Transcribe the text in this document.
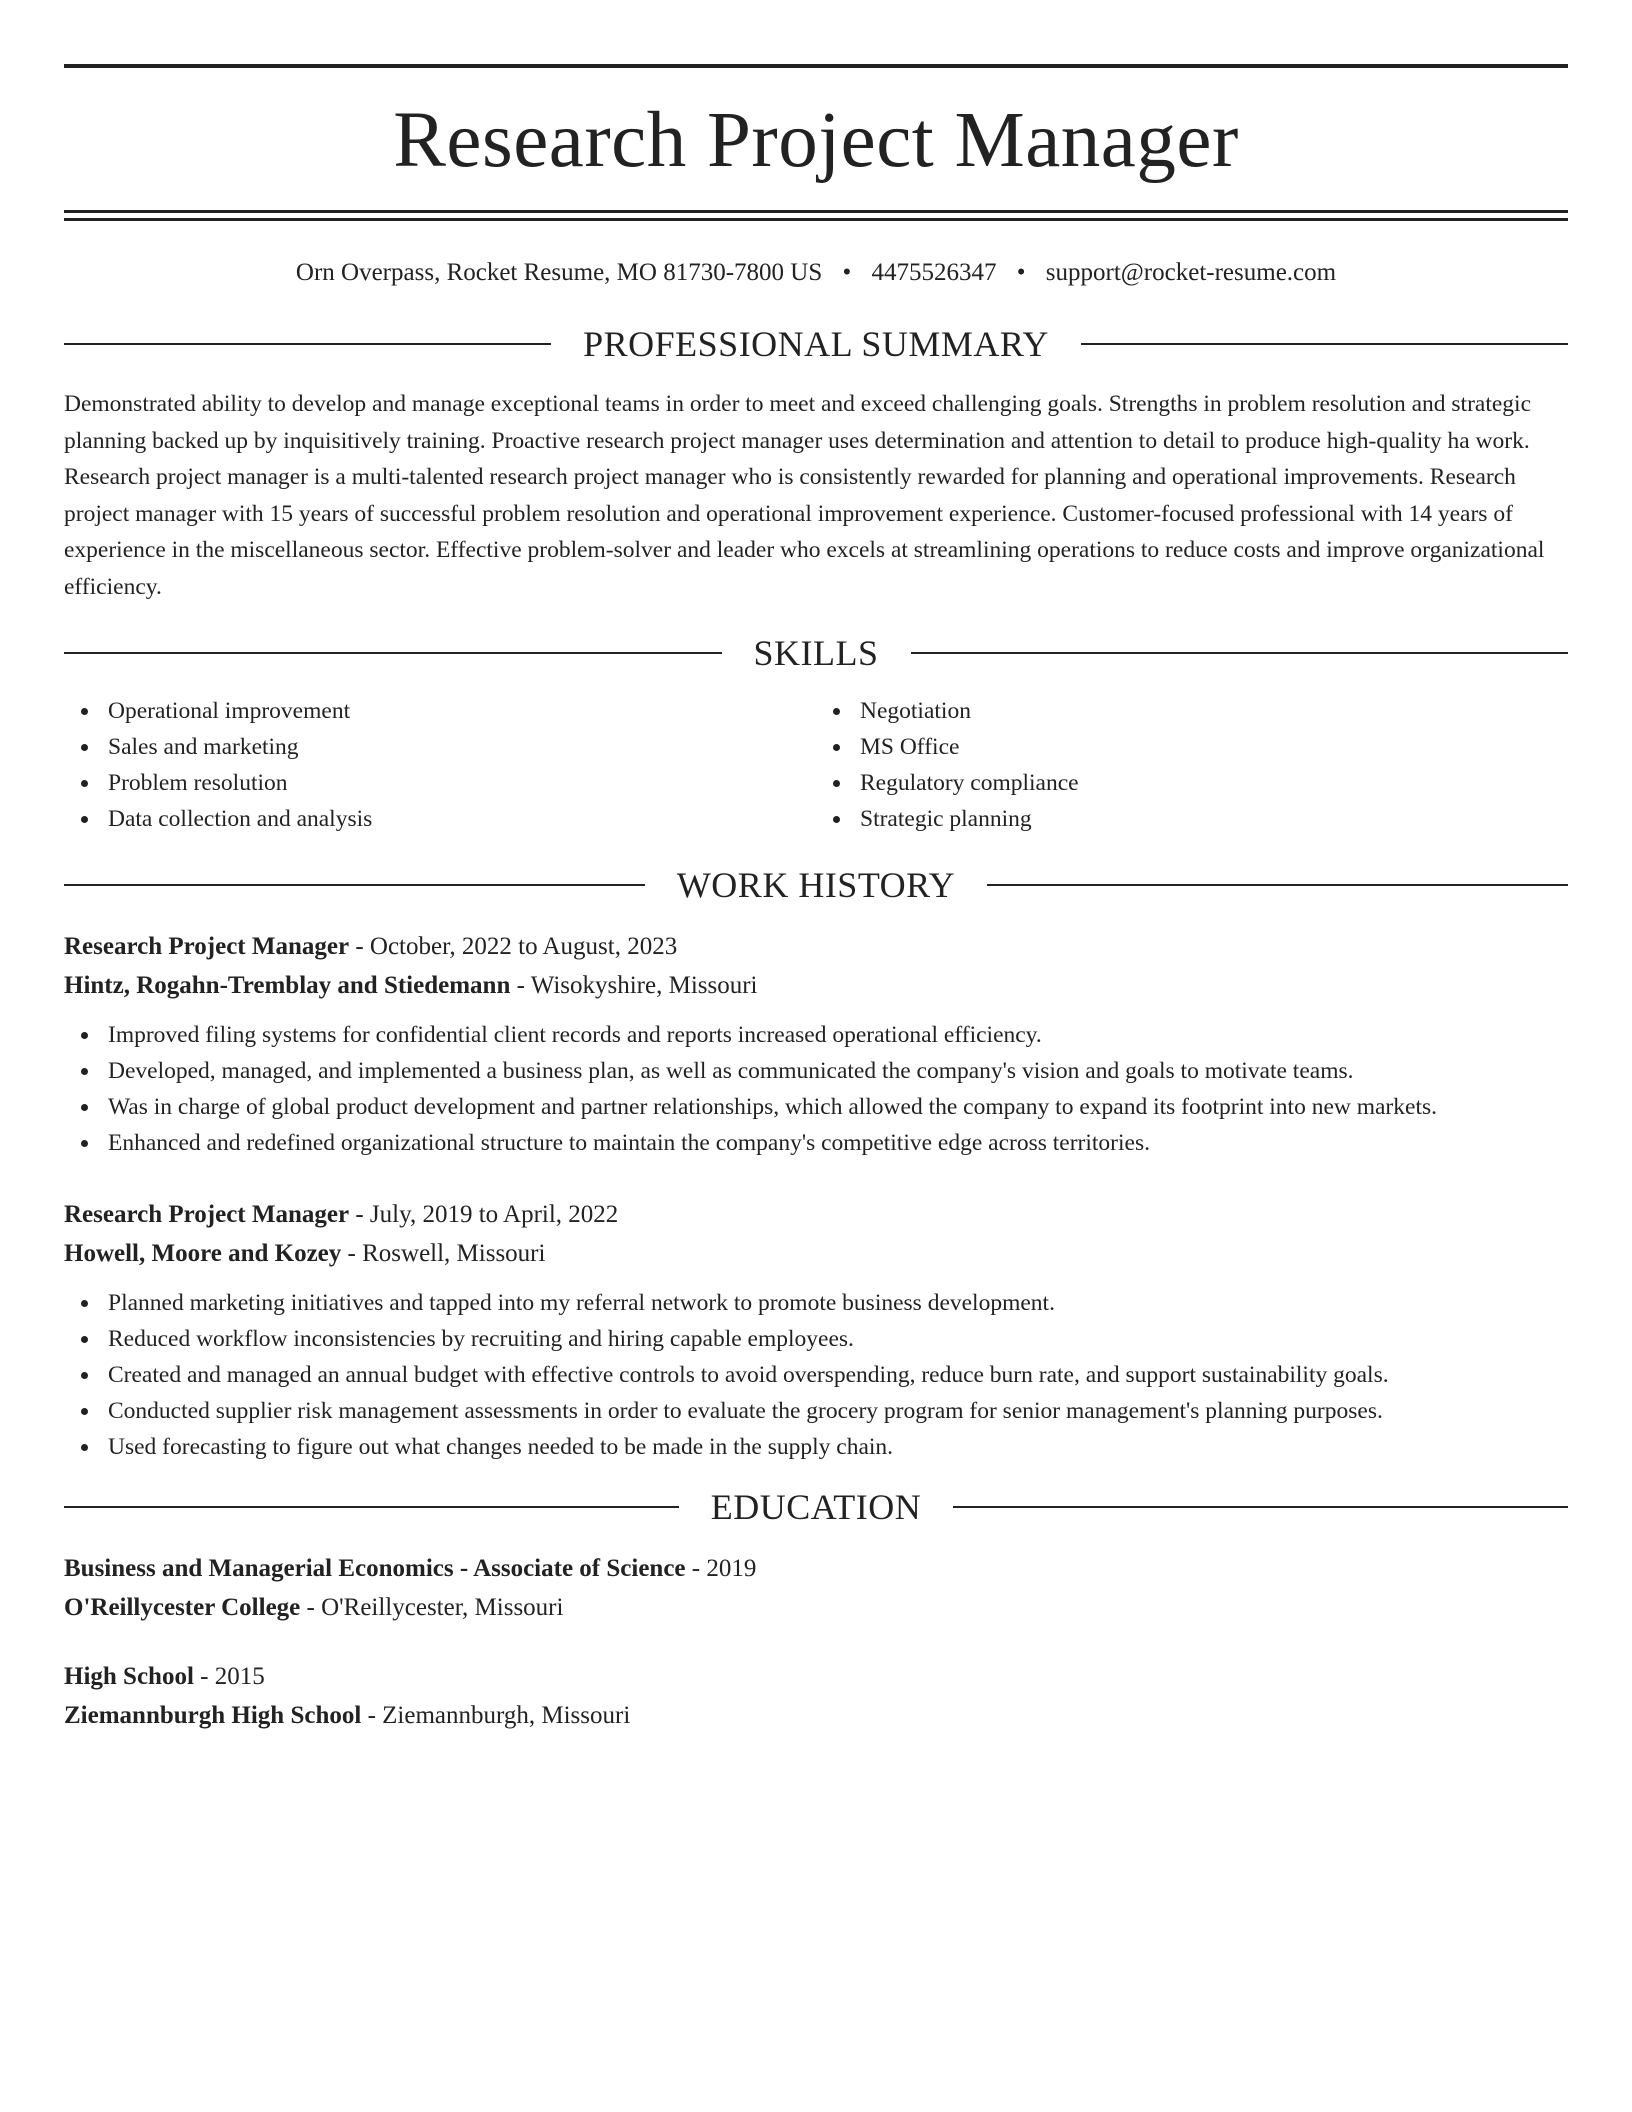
Research Project Manager
Orn Overpass, Rocket Resume, MO 81730-7800 US • 4475526347 • support@rocket-resume.com
PROFESSIONAL SUMMARY
Demonstrated ability to develop and manage exceptional teams in order to meet and exceed challenging goals. Strengths in problem resolution and strategic planning backed up by inquisitively training. Proactive research project manager uses determination and attention to detail to produce high-quality ha work. Research project manager is a multi-talented research project manager who is consistently rewarded for planning and operational improvements. Research project manager with 15 years of successful problem resolution and operational improvement experience. Customer-focused professional with 14 years of experience in the miscellaneous sector. Effective problem-solver and leader who excels at streamlining operations to reduce costs and improve organizational efficiency.
SKILLS
Operational improvement
Sales and marketing
Problem resolution
Data collection and analysis
Negotiation
MS Office
Regulatory compliance
Strategic planning
WORK HISTORY
Research Project Manager - October, 2022 to August, 2023
Hintz, Rogahn-Tremblay and Stiedemann - Wisokyshire, Missouri
Improved filing systems for confidential client records and reports increased operational efficiency.
Developed, managed, and implemented a business plan, as well as communicated the company's vision and goals to motivate teams.
Was in charge of global product development and partner relationships, which allowed the company to expand its footprint into new markets.
Enhanced and redefined organizational structure to maintain the company's competitive edge across territories.
Research Project Manager - July, 2019 to April, 2022
Howell, Moore and Kozey - Roswell, Missouri
Planned marketing initiatives and tapped into my referral network to promote business development.
Reduced workflow inconsistencies by recruiting and hiring capable employees.
Created and managed an annual budget with effective controls to avoid overspending, reduce burn rate, and support sustainability goals.
Conducted supplier risk management assessments in order to evaluate the grocery program for senior management's planning purposes.
Used forecasting to figure out what changes needed to be made in the supply chain.
EDUCATION
Business and Managerial Economics - Associate of Science - 2019
O'Reillycester College - O'Reillycester, Missouri
High School - 2015
Ziemannburgh High School - Ziemannburgh, Missouri
